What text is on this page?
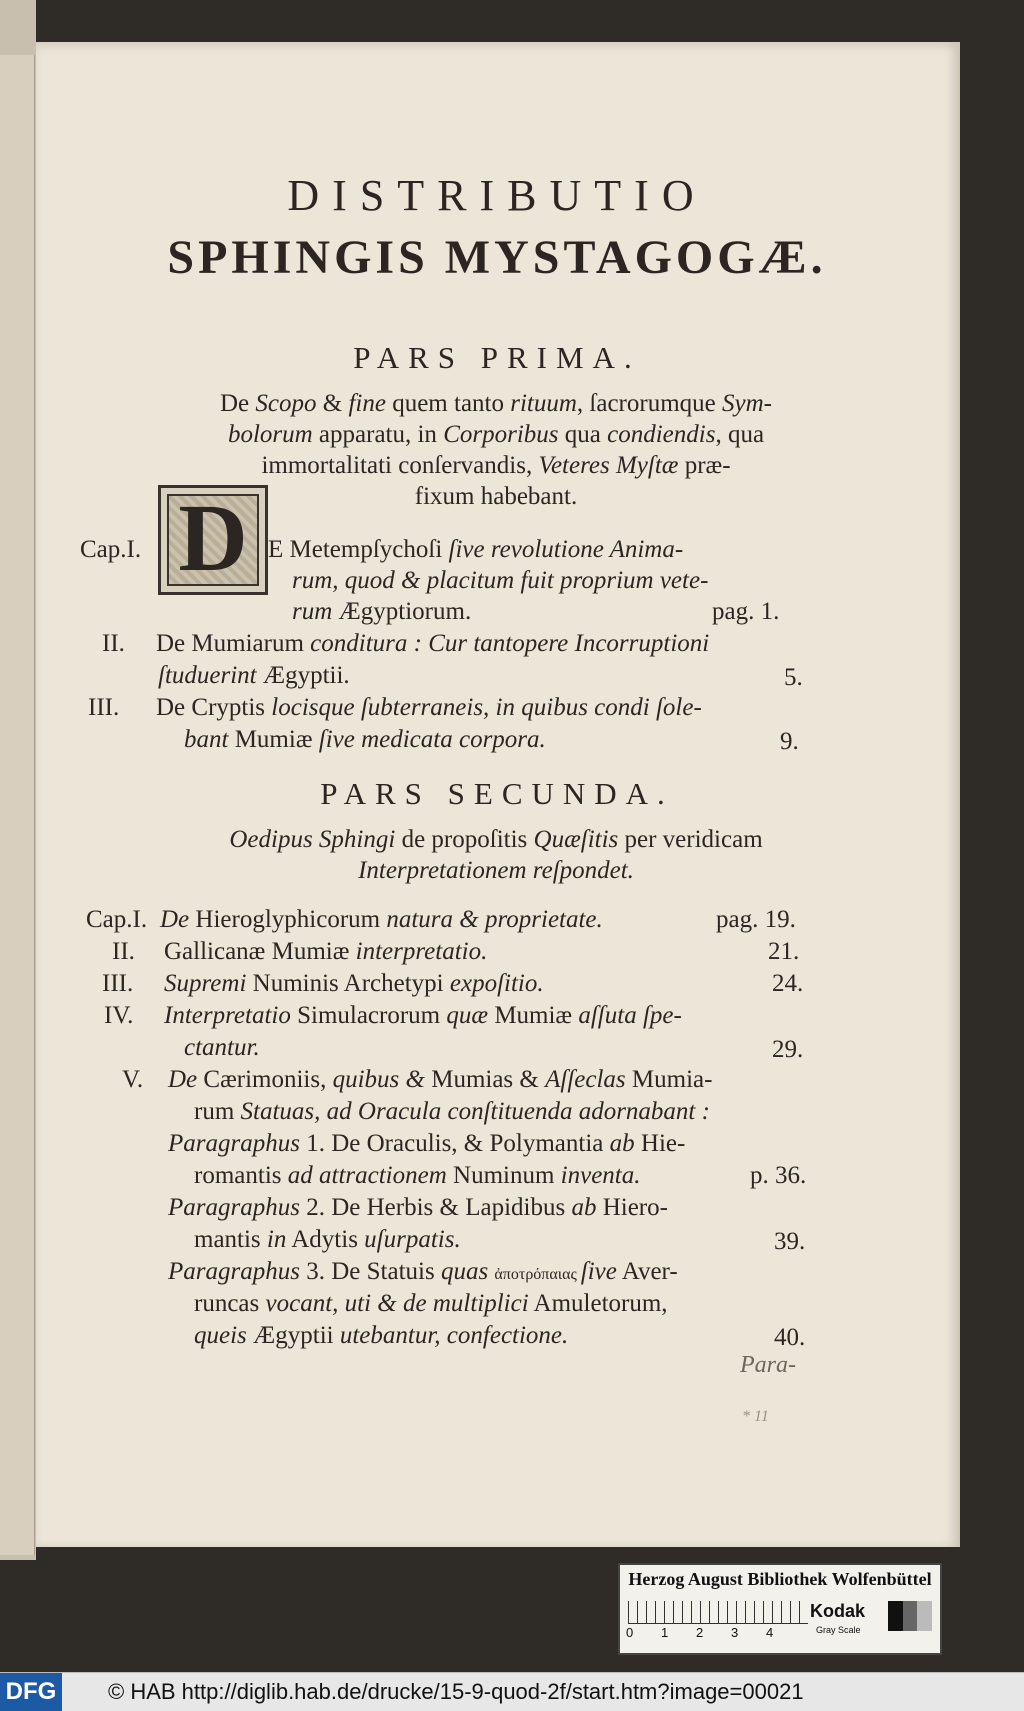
DISTRIBUTIO
SPHINGIS MYSTAGOGÆ.
PARS PRIMA.
De Scopo & fine quem tanto rituum, ſacrorumque Sym-
bolorum apparatu, in Corporibus qua condiendis, qua
immortalitati conſervandis, Veteres Myſtæ præ-
fixum habebant.
Cap.I. D E Metempſychoſi ſive revolutione Anima-
rum, quod & placitum fuit proprium vete-
rum Ægyptiorum.	pag. 1.
II. De Mumiarum conditura : Cur tantopere Incorruptioni
ſtuduerint Ægyptii.	5.
III. De Cryptis locisque ſubterraneis, in quibus condi ſole-
bant Mumiæ ſive medicata corpora.	9.
PARS SECUNDA.
Oedipus Sphingi de propoſitis Quæſitis per veridicam
Interpretationem reſpondet.
Cap.I. De Hieroglyphicorum natura & proprietate.	pag. 19.
II. Gallicanæ Mumiæ interpretatio.	21.
III. Supremi Numinis Archetypi expoſitio.	24.
IV. Interpretatio Simulacrorum quæ Mumiæ aſſuta ſpe-
ctantur.	29.
V. De Cærimoniis, quibus & Mumias & Aſſeclas Mumia-
rum Statuas, ad Oracula conſtituenda adornabant :
Paragraphus 1. De Oraculis, & Polymantia ab Hie-
romantis ad attractionem Numinum inventa.	p. 36.
Paragraphus 2. De Herbis & Lapidibus ab Hiero-
mantis in Adytis uſurpatis.	39.
Paragraphus 3. De Statuis quas ἀποτρόπαιας ſive Aver-
runcas vocant, uti & de multiplici Amuletorum,
queis Ægyptii utebantur, confectione.	40.
Para-
* 11
Herzog August Bibliothek Wolfenbüttel
0 1 2 3 4
Kodak
Gray Scale
DFG © HAB http://diglib.hab.de/drucke/15-9-quod-2f/start.htm?image=00021
